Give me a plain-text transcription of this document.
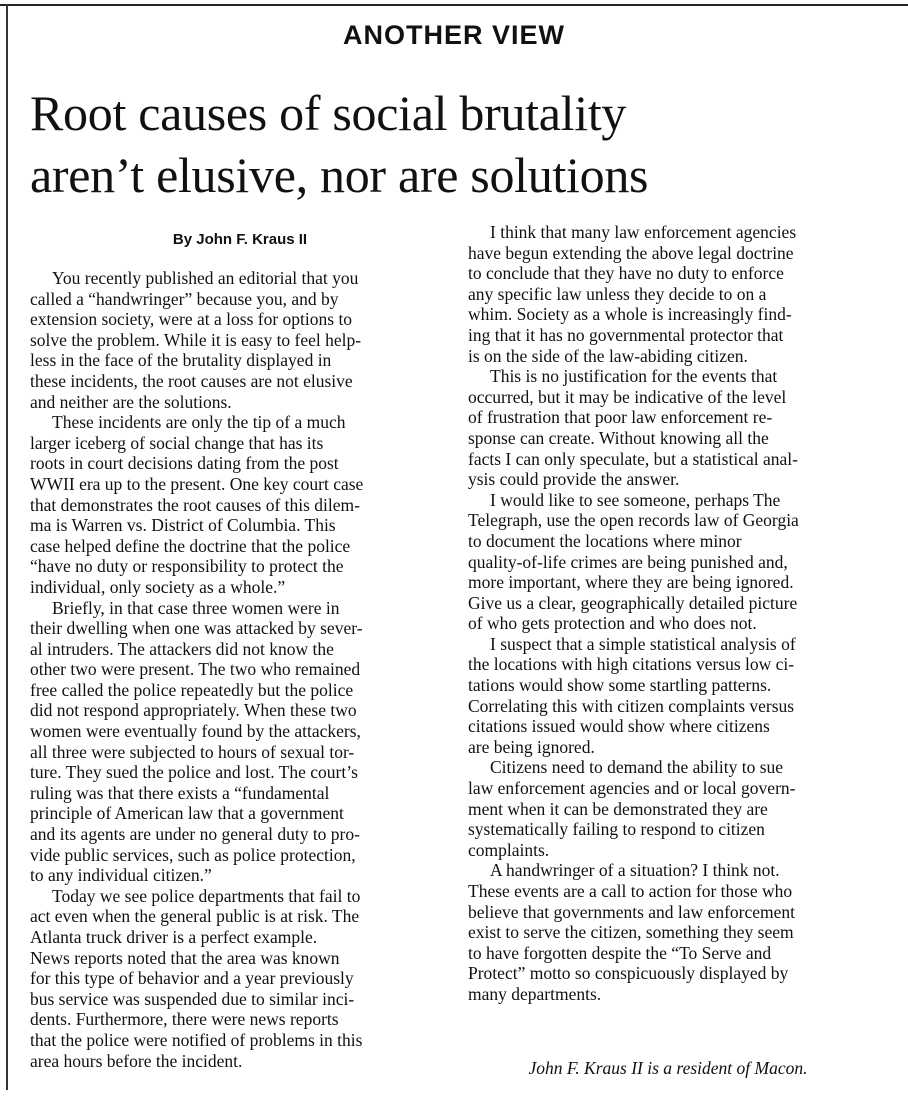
ANOTHER VIEW
Root causes of social brutality
aren’t elusive, nor are solutions
By John F. Kraus II

You recently published an editorial that you
called a “handwringer” because you, and by
extension society, were at a loss for options to
solve the problem. While it is easy to feel help-
less in the face of the brutality displayed in
these incidents, the root causes are not elusive
and neither are the solutions.

These incidents are only the tip of a much
larger iceberg of social change that has its
roots in court decisions dating from the post
WWII era up to the present. One key court case
that demonstrates the root causes of this dilem-
ma is Warren vs. District of Columbia. This
case helped define the doctrine that the police
“have no duty or responsibility to protect the
individual, only society as a whole.”

Briefly, in that case three women were in
their dwelling when one was attacked by sever-
al intruders. The attackers did not know the
other two were present. The two who remained
free called the police repeatedly but the police
did not respond appropriately. When these two
women were eventually found by the attackers,
all three were subjected to hours of sexual tor-
ture. They sued the police and lost. The court’s
ruling was that there exists a “fundamental
principle of American law that a government
and its agents are under no general duty to pro-
vide public services, such as police protection,
to any individual citizen.”

Today we see police departments that fail to
act even when the general public is at risk. The
Atlanta truck driver is a perfect example.
News reports noted that the area was known
for this type of behavior and a year previously
bus service was suspended due to similar inci-
dents. Furthermore, there were news reports
that the police were notified of problems in this
area hours before the incident.

I think that many law enforcement agencies
have begun extending the above legal doctrine
to conclude that they have no duty to enforce
any specific law unless they decide to on a
whim. Society as a whole is increasingly find-
ing that it has no governmental protector that
is on the side of the law-abiding citizen.

This is no justification for the events that
occurred, but it may be indicative of the level
of frustration that poor law enforcement re-
sponse can create. Without knowing all the
facts I can only speculate, but a statistical anal-
ysis could provide the answer.

I would like to see someone, perhaps The
Telegraph, use the open records law of Georgia
to document the locations where minor
quality-of-life crimes are being punished and,
more important, where they are being ignored.
Give us a clear, geographically detailed picture
of who gets protection and who does not.

I suspect that a simple statistical analysis of
the locations with high citations versus low ci-
tations would show some startling patterns.
Correlating this with citizen complaints versus
citations issued would show where citizens
are being ignored.

Citizens need to demand the ability to sue
law enforcement agencies and or local govern-
ment when it can be demonstrated they are
systematically failing to respond to citizen
complaints.

A handwringer of a situation? I think not.
These events are a call to action for those who
believe that governments and law enforcement
exist to serve the citizen, something they seem
to have forgotten despite the “To Serve and
Protect” motto so conspicuously displayed by
many departments.

John F. Kraus II is a resident of Macon.
